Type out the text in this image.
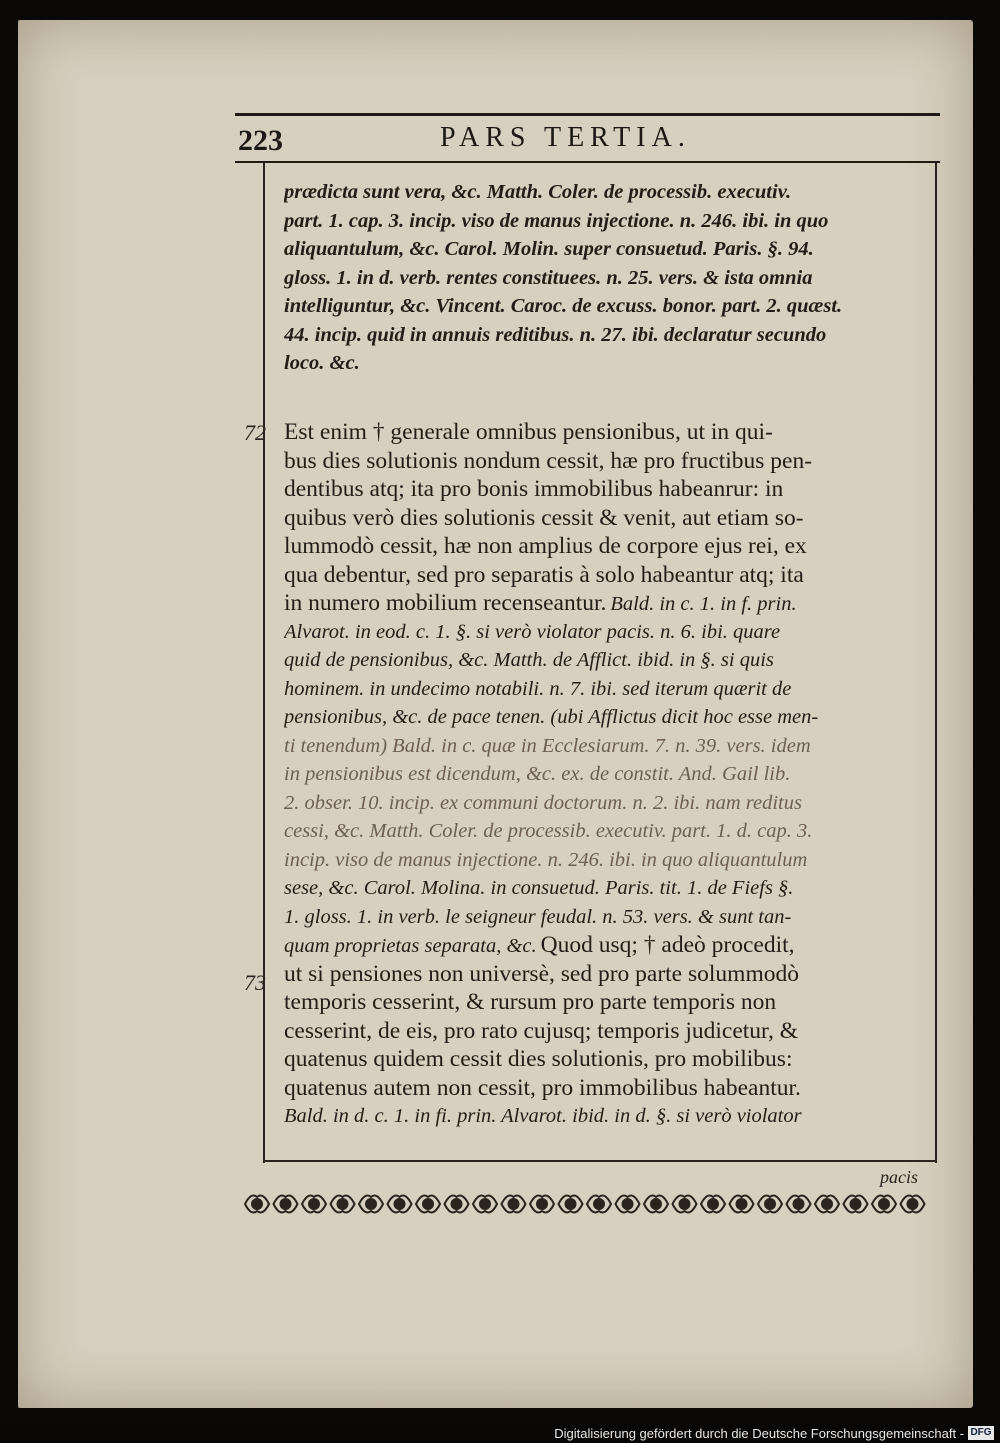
223	PARS TERTIA.
prædicta sunt vera, &c. Matth. Coler. de processib. executiv.
part. 1. cap. 3. incip. viso de manus injectione. n. 246. ibi. in quo
aliquantulum, &c. Carol. Molin. super consuetud. Paris. §. 94.
gloss. 1. in d. verb. rentes constituees. n. 25. vers. & ista omnia
intelliguntur, &c. Vincent. Caroc. de excuss. bonor. part. 2. quæst.
44. incip. quid in annuis reditibus. n. 27. ibi. declaratur secundo
loco. &c.
72
73
Est enim † generale omnibus pensionibus, ut in qui-
bus dies solutionis nondum cessit, hæ pro fructibus pen-
dentibus atq; ita pro bonis immobilibus habeanrur: in
quibus verò dies solutionis cessit & venit, aut etiam so-
lummodò cessit, hæ non amplius de corpore ejus rei, ex
qua debentur, sed pro separatis à solo habeantur atq; ita
in numero mobilium recenseantur. Bald. in c. 1. in f. prin.
Alvarot. in eod. c. 1. §. si verò violator pacis. n. 6. ibi. quare
quid de pensionibus, &c. Matth. de Afflict. ibid. in §. si quis
hominem. in undecimo notabili. n. 7. ibi. sed iterum quærit de
pensionibus, &c. de pace tenen. (ubi Afflictus dicit hoc esse men-
ti tenendum) Bald. in c. quæ in Ecclesiarum. 7. n. 39. vers. idem
in pensionibus est dicendum, &c. ex. de constit. And. Gail lib.
2. obser. 10. incip. ex communi doctorum. n. 2. ibi. nam reditus
cessi, &c. Matth. Coler. de processib. executiv. part. 1. d. cap. 3.
incip. viso de manus injectione. n. 246. ibi. in quo aliquantulum
sese, &c. Carol. Molina. in consuetud. Paris. tit. 1. de Fiefs §.
1. gloss. 1. in verb. le seigneur feudal. n. 53. vers. & sunt tan-
quam proprietas separata, &c. Quod usq; † adeò procedit,
ut si pensiones non universè, sed pro parte solummodò
temporis cesserint, & rursum pro parte temporis non
cesserint, de eis, pro rato cujusq; temporis judicetur, &
quatenus quidem cessit dies solutionis, pro mobilibus:
quatenus autem non cessit, pro immobilibus habeantur.
Bald. in d. c. 1. in fi. prin. Alvarot. ibid. in d. §. si verò violator
pacis
Digitalisierung gefördert durch die Deutsche Forschungsgemeinschaft - DFG
